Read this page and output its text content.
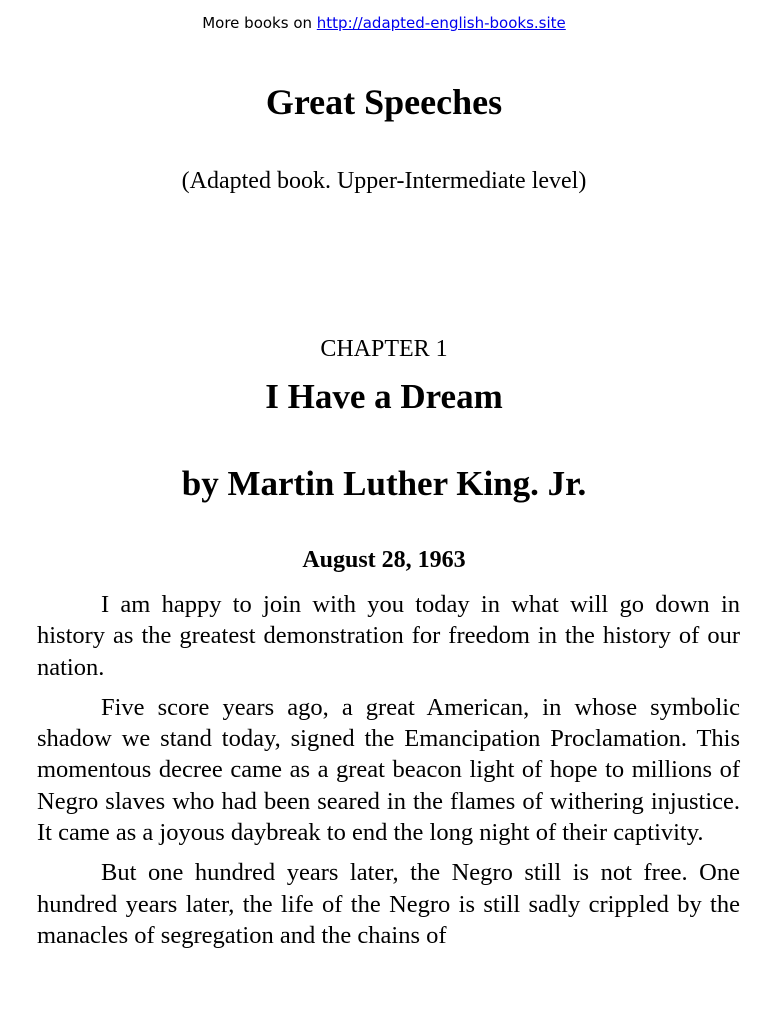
More books on http://adapted-english-books.site
Great Speeches
(Adapted book. Upper-Intermediate level)
CHAPTER 1
I Have a Dream
by Martin Luther King. Jr.
August 28, 1963

I am happy to join with you today in what will go down in history as the greatest demonstration for freedom in the history of our nation.

Five score years ago, a great American, in whose symbolic shadow we stand today, signed the Emancipation Proclamation. This momentous decree came as a great beacon light of hope to millions of Negro slaves who had been seared in the flames of withering injustice. It came as a joyous daybreak to end the long night of their captivity.

But one hundred years later, the Negro still is not free. One hundred years later, the life of the Negro is still sadly crippled by the manacles of segregation and the chains of
